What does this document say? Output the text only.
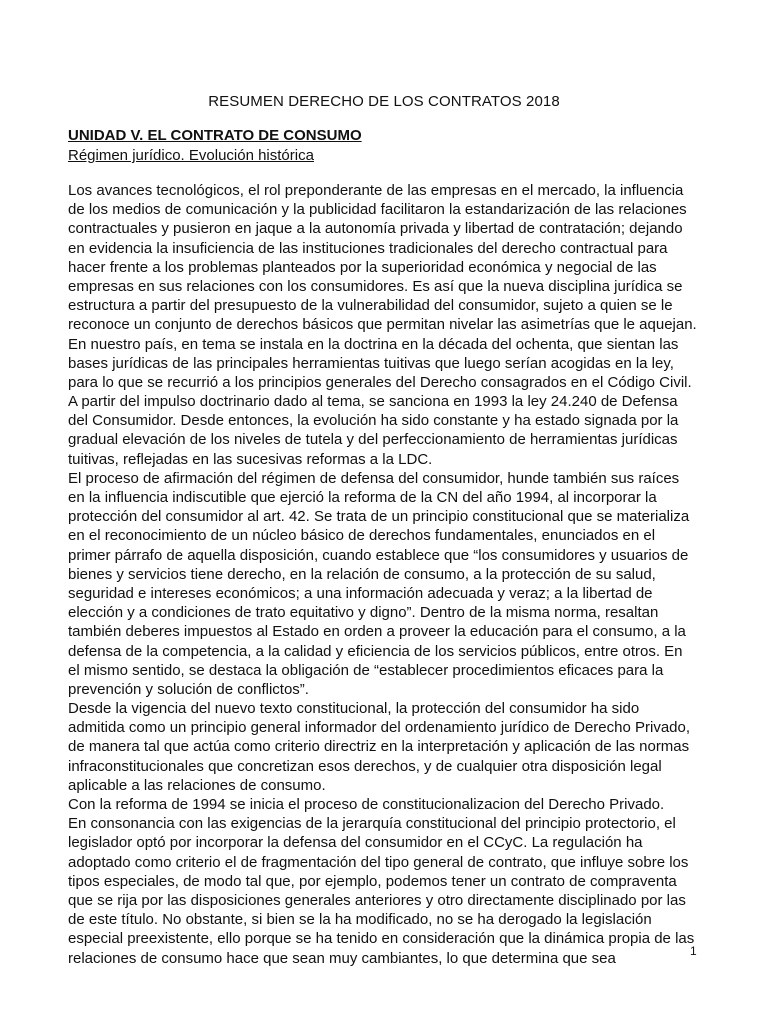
RESUMEN DERECHO DE LOS CONTRATOS 2018
UNIDAD V. EL CONTRATO DE CONSUMO
Régimen jurídico. Evolución histórica
Los avances tecnológicos, el rol preponderante de las empresas en el mercado, la influencia
de los medios de comunicación y la publicidad facilitaron la estandarización de las relaciones
contractuales y pusieron en jaque a la autonomía privada y libertad de contratación; dejando
en evidencia la insuficiencia de las instituciones tradicionales del derecho contractual para
hacer frente a los problemas planteados por la superioridad económica y negocial de las
empresas en sus relaciones con los consumidores. Es así que la nueva disciplina jurídica se
estructura a partir del presupuesto de la vulnerabilidad del consumidor, sujeto a quien se le
reconoce un conjunto de derechos básicos que permitan nivelar las asimetrías que le aquejan.
En nuestro país, en tema se instala en la doctrina en la década del ochenta, que sientan las
bases jurídicas de las principales herramientas tuitivas que luego serían acogidas en la ley,
para lo que se recurrió a los principios generales del Derecho consagrados en el Código Civil.
A partir del impulso doctrinario dado al tema, se sanciona en 1993 la ley 24.240 de Defensa
del Consumidor. Desde entonces, la evolución ha sido constante y ha estado signada por la
gradual elevación de los niveles de tutela y del perfeccionamiento de herramientas jurídicas
tuitivas, reflejadas en las sucesivas reformas a la LDC.
El proceso de afirmación del régimen de defensa del consumidor, hunde también sus raíces
en la influencia indiscutible que ejerció la reforma de la CN del año 1994, al incorporar la
protección del consumidor al art. 42. Se trata de un principio constitucional que se materializa
en el reconocimiento de un núcleo básico de derechos fundamentales, enunciados en el
primer párrafo de aquella disposición, cuando establece que “los consumidores y usuarios de
bienes y servicios tiene derecho, en la relación de consumo, a la protección de su salud,
seguridad e intereses económicos; a una información adecuada y veraz; a la libertad de
elección y a condiciones de trato equitativo y digno”. Dentro de la misma norma, resaltan
también deberes impuestos al Estado en orden a proveer la educación para el consumo, a la
defensa de la competencia, a la calidad y eficiencia de los servicios públicos, entre otros. En
el mismo sentido, se destaca la obligación de “establecer procedimientos eficaces para la
prevención y solución de conflictos”.
Desde la vigencia del nuevo texto constitucional, la protección del consumidor ha sido
admitida como un principio general informador del ordenamiento jurídico de Derecho Privado,
de manera tal que actúa como criterio directriz en la interpretación y aplicación de las normas
infraconstitucionales que concretizan esos derechos, y de cualquier otra disposición legal
aplicable a las relaciones de consumo.
Con la reforma de 1994 se inicia el proceso de constitucionalizacion del Derecho Privado.
En consonancia con las exigencias de la jerarquía constitucional del principio protectorio, el
legislador optó por incorporar la defensa del consumidor en el CCyC. La regulación ha
adoptado como criterio el de fragmentación del tipo general de contrato, que influye sobre los
tipos especiales, de modo tal que, por ejemplo, podemos tener un contrato de compraventa
que se rija por las disposiciones generales anteriores y otro directamente disciplinado por las
de este título. No obstante, si bien se la ha modificado, no se ha derogado la legislación
especial preexistente, ello porque se ha tenido en consideración que la dinámica propia de las
relaciones de consumo hace que sean muy cambiantes, lo que determina que sea	1
